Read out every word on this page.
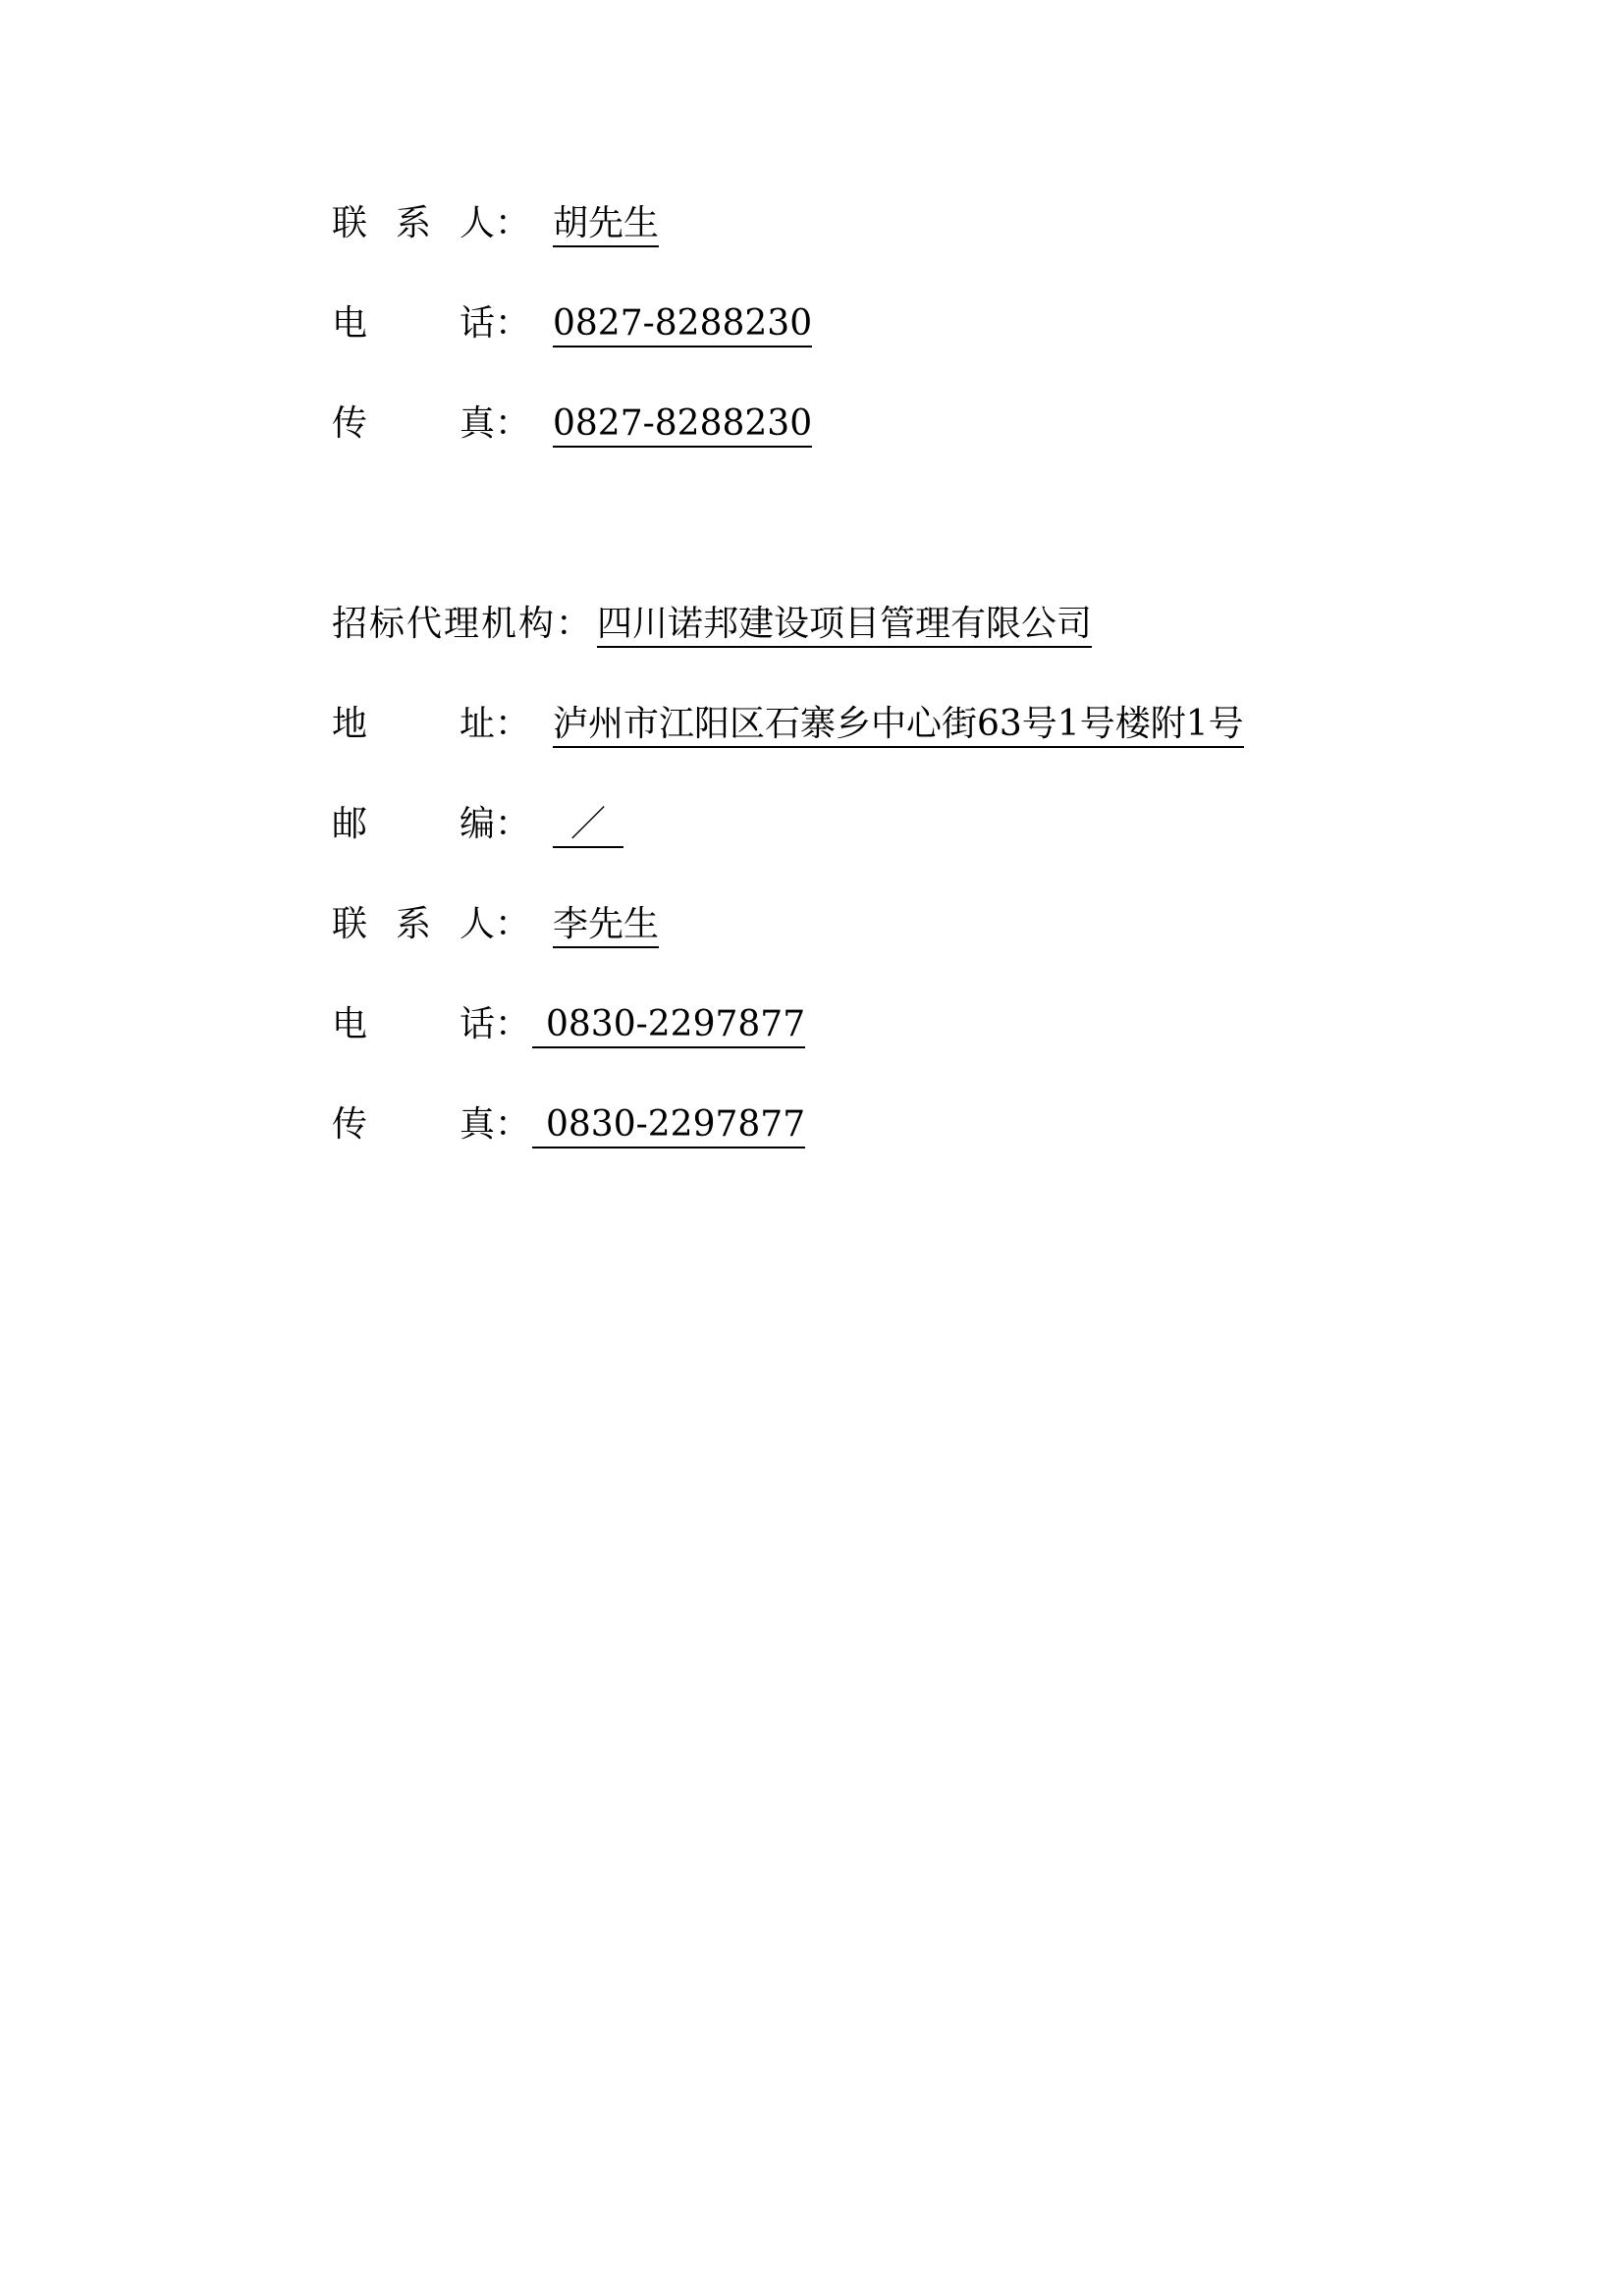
联 系 人： 胡先生
电	话： 0827-8288230
传	真： 0827-8288230
招标代理机构： 四川诺邦建设项目管理有限公司
地	址： 泸州市江阳区石寨乡中心街63号1号楼附1号
邮	编：	／
联 系 人： 李先生
电	话： 0830-2297877
传	真： 0830-2297877
